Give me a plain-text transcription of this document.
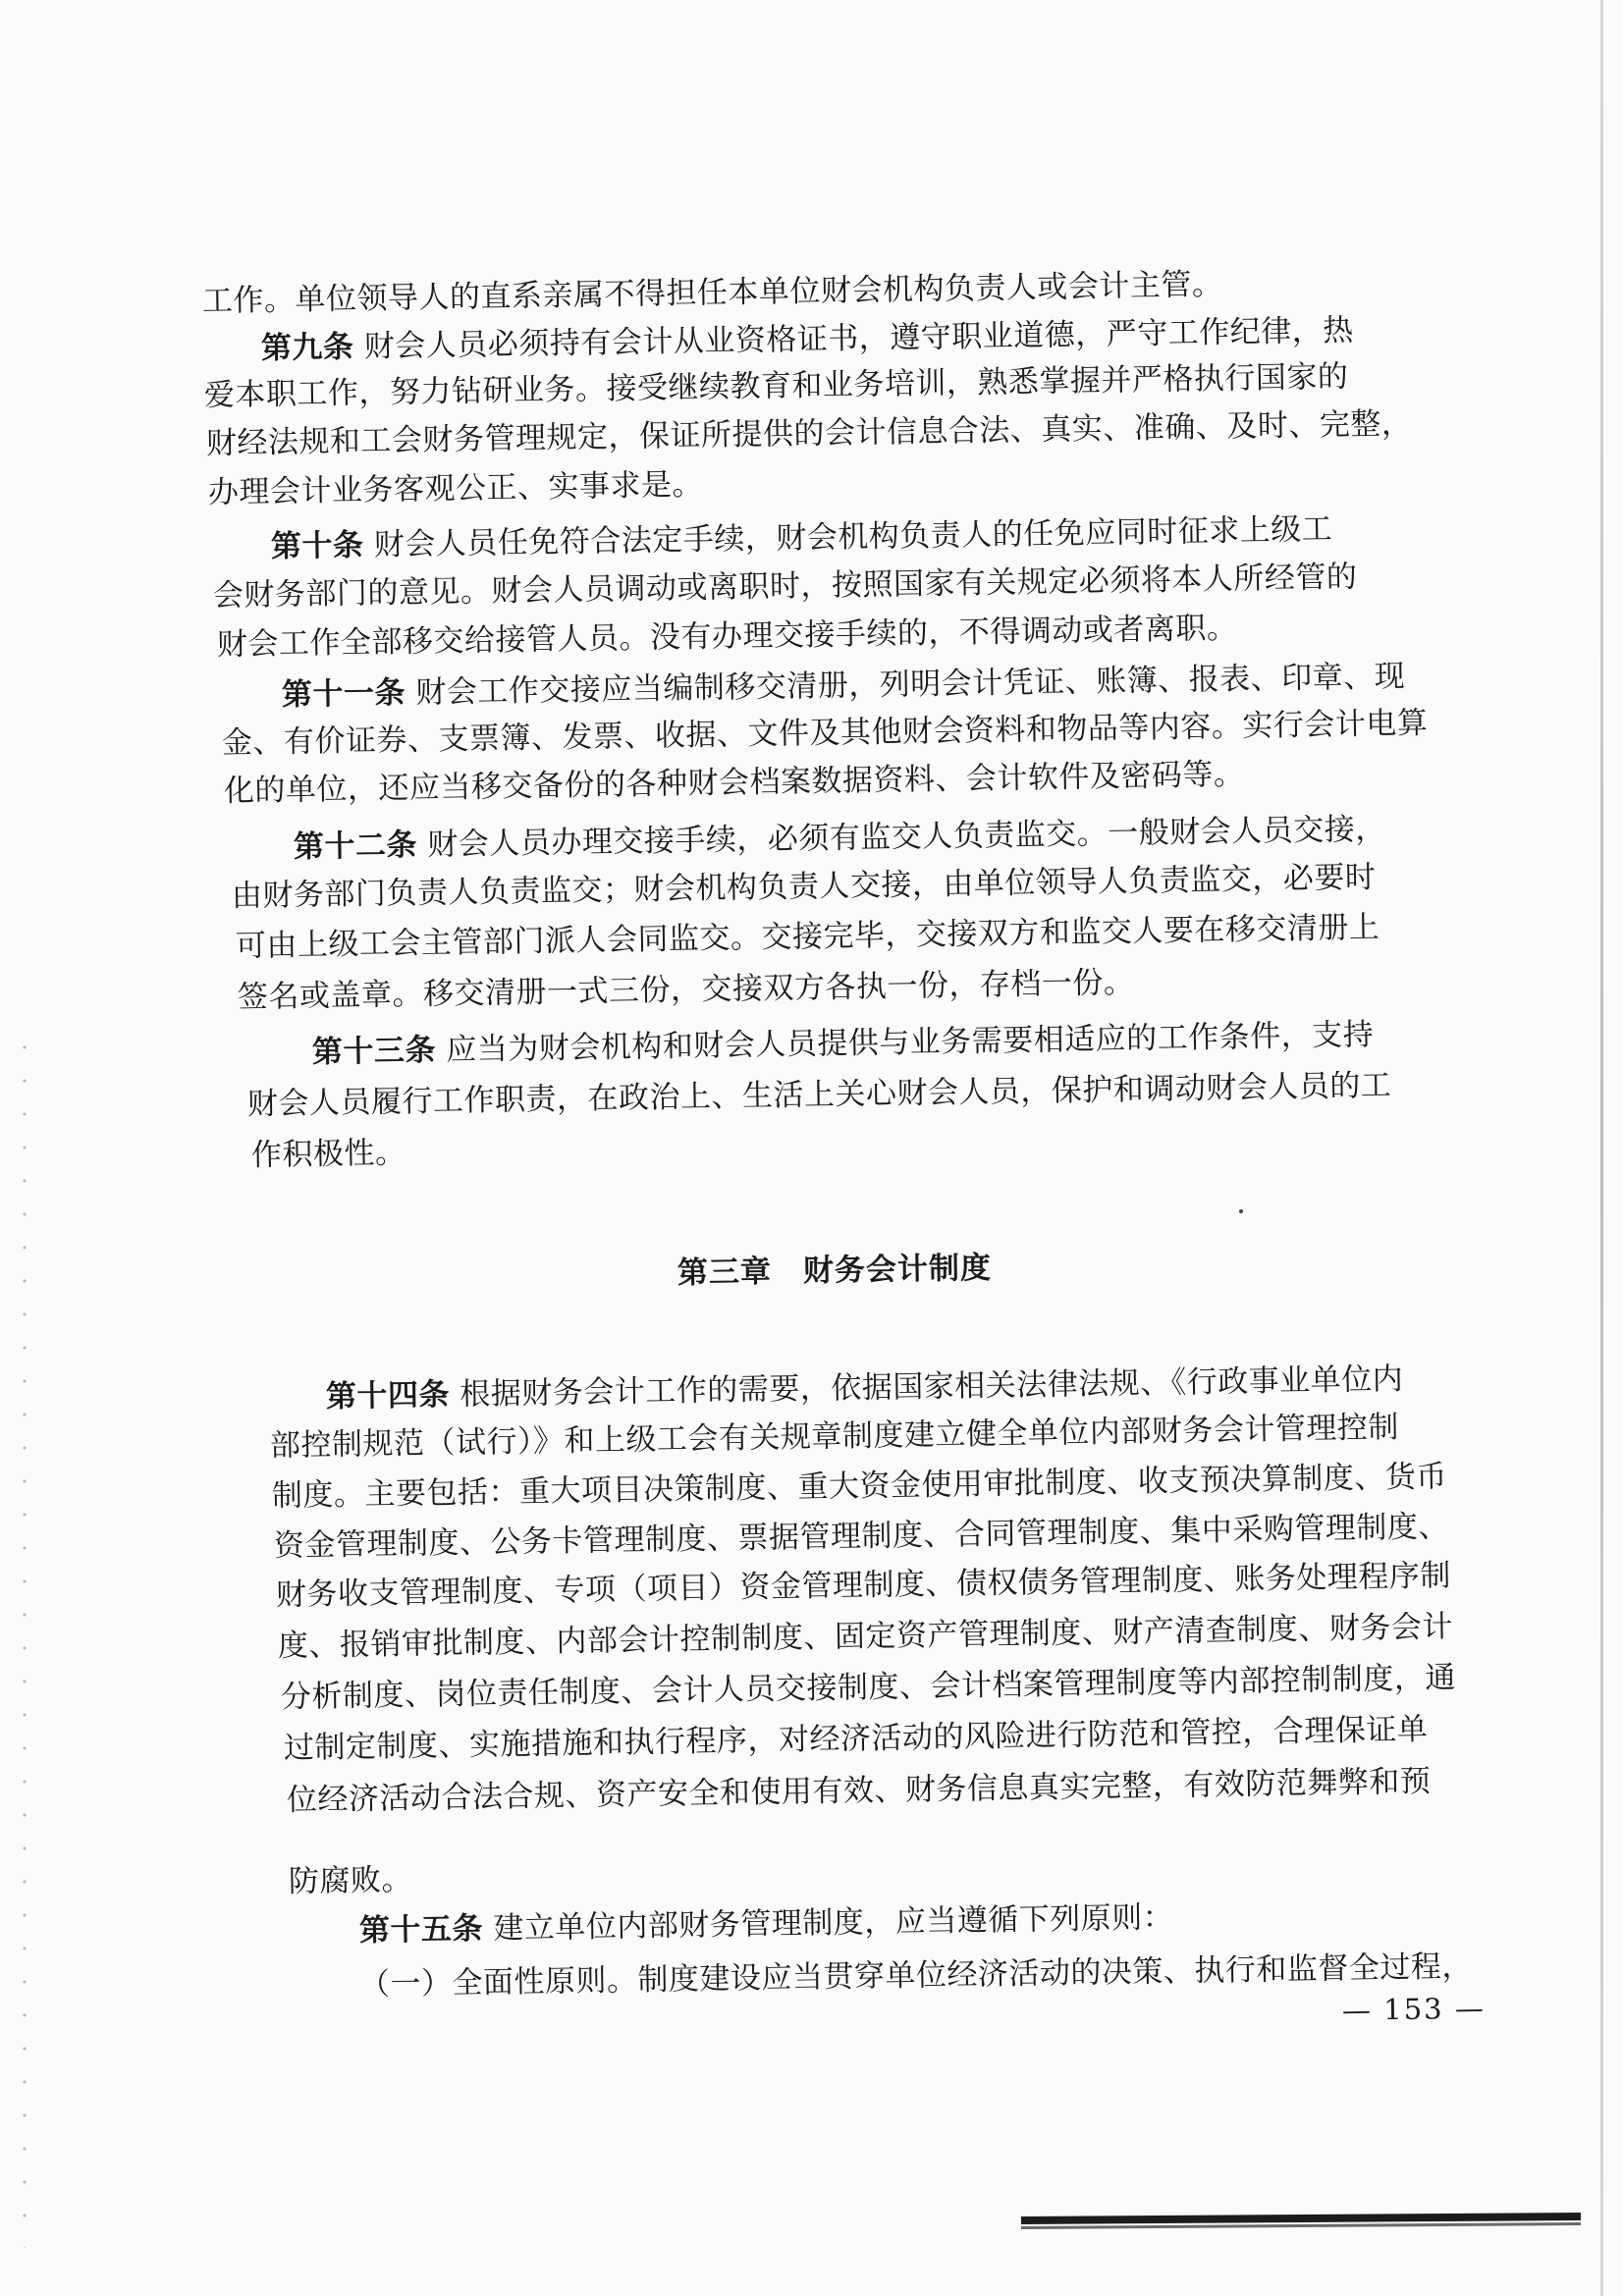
工作。单位领导人的直系亲属不得担任本单位财会机构负责人或会计主管。
第九条 财会人员必须持有会计从业资格证书，遵守职业道德，严守工作纪律，热
爱本职工作，努力钻研业务。接受继续教育和业务培训，熟悉掌握并严格执行国家的
财经法规和工会财务管理规定，保证所提供的会计信息合法、真实、准确、及时、完整，
办理会计业务客观公正、实事求是。
第十条 财会人员任免符合法定手续，财会机构负责人的任免应同时征求上级工
会财务部门的意见。财会人员调动或离职时，按照国家有关规定必须将本人所经管的
财会工作全部移交给接管人员。没有办理交接手续的，不得调动或者离职。
第十一条 财会工作交接应当编制移交清册，列明会计凭证、账簿、报表、印章、现
金、有价证券、支票簿、发票、收据、文件及其他财会资料和物品等内容。实行会计电算
化的单位，还应当移交备份的各种财会档案数据资料、会计软件及密码等。
第十二条 财会人员办理交接手续，必须有监交人负责监交。一般财会人员交接，
由财务部门负责人负责监交；财会机构负责人交接，由单位领导人负责监交，必要时
可由上级工会主管部门派人会同监交。交接完毕，交接双方和监交人要在移交清册上
签名或盖章。移交清册一式三份，交接双方各执一份，存档一份。
第十三条 应当为财会机构和财会人员提供与业务需要相适应的工作条件，支持
财会人员履行工作职责，在政治上、生活上关心财会人员，保护和调动财会人员的工
作积极性。
第三章　财务会计制度
第十四条 根据财务会计工作的需要，依据国家相关法律法规、《行政事业单位内
部控制规范（试行）》和上级工会有关规章制度建立健全单位内部财务会计管理控制
制度。主要包括：重大项目决策制度、重大资金使用审批制度、收支预决算制度、货币
资金管理制度、公务卡管理制度、票据管理制度、合同管理制度、集中采购管理制度、
财务收支管理制度、专项（项目）资金管理制度、债权债务管理制度、账务处理程序制
度、报销审批制度、内部会计控制制度、固定资产管理制度、财产清查制度、财务会计
分析制度、岗位责任制度、会计人员交接制度、会计档案管理制度等内部控制制度，通
过制定制度、实施措施和执行程序，对经济活动的风险进行防范和管控，合理保证单
位经济活动合法合规、资产安全和使用有效、财务信息真实完整，有效防范舞弊和预
防腐败。
第十五条 建立单位内部财务管理制度，应当遵循下列原则：
（一）全面性原则。制度建设应当贯穿单位经济活动的决策、执行和监督全过程，
— 153 —
